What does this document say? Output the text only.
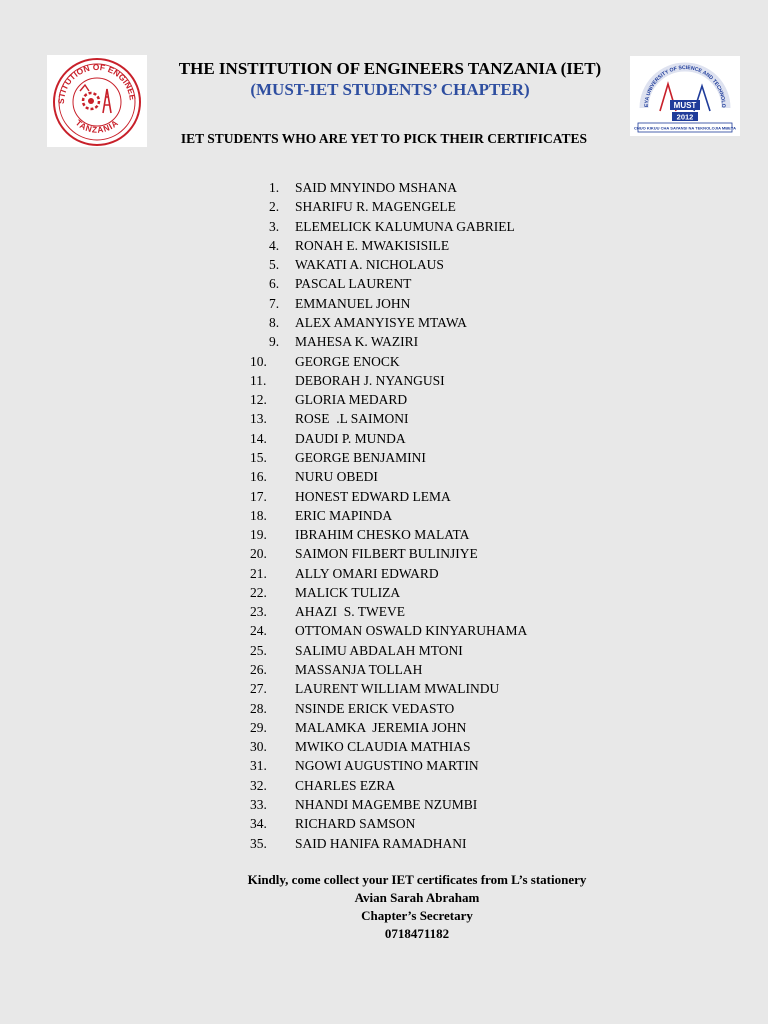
STITUTION OF ENGINEE
TANZANIA
EYA UNIVERSITY OF SCIENCE AND TECHNOLO
MUST
2012
CHUO KIKUU CHA SAYANSI NA TEKNOLOJIA MBEYA
THE INSTITUTION OF ENGINEERS TANZANIA (IET)
(MUST-IET STUDENTS’ CHAPTER)
IET STUDENTS WHO ARE YET TO PICK THEIR CERTIFICATES
1.	SAID MNYINDO MSHANA
2.	SHARIFU R. MAGENGELE
3.	ELEMELICK KALUMUNA GABRIEL
4.	RONAH E. MWAKISISILE
5.	WAKATI A. NICHOLAUS
6.	PASCAL LAURENT
7.	EMMANUEL JOHN
8.	ALEX AMANYISYE MTAWA
9.	MAHESA K. WAZIRI
10.	GEORGE ENOCK
11.	DEBORAH J. NYANGUSI
12.	GLORIA MEDARD
13.	ROSE  .L SAIMONI
14.	DAUDI P. MUNDA
15.	GEORGE BENJAMINI
16.	NURU OBEDI
17.	HONEST EDWARD LEMA
18.	ERIC MAPINDA
19.	IBRAHIM CHESKO MALATA
20.	SAIMON FILBERT BULINJIYE
21.	ALLY OMARI EDWARD
22.	MALICK TULIZA
23.	AHAZI  S. TWEVE
24.	OTTOMAN OSWALD KINYARUHAMA
25.	SALIMU ABDALAH MTONI
26.	MASSANJA TOLLAH
27.	LAURENT WILLIAM MWALINDU
28.	NSINDE ERICK VEDASTO
29.	MALAMKA  JEREMIA JOHN
30.	MWIKO CLAUDIA MATHIAS
31.	NGOWI AUGUSTINO MARTIN
32.	CHARLES EZRA
33.	NHANDI MAGEMBE NZUMBI
34.	RICHARD SAMSON
35.	SAID HANIFA RAMADHANI
Kindly, come collect your IET certificates from L’s stationery
Avian Sarah Abraham
Chapter’s Secretary
0718471182
